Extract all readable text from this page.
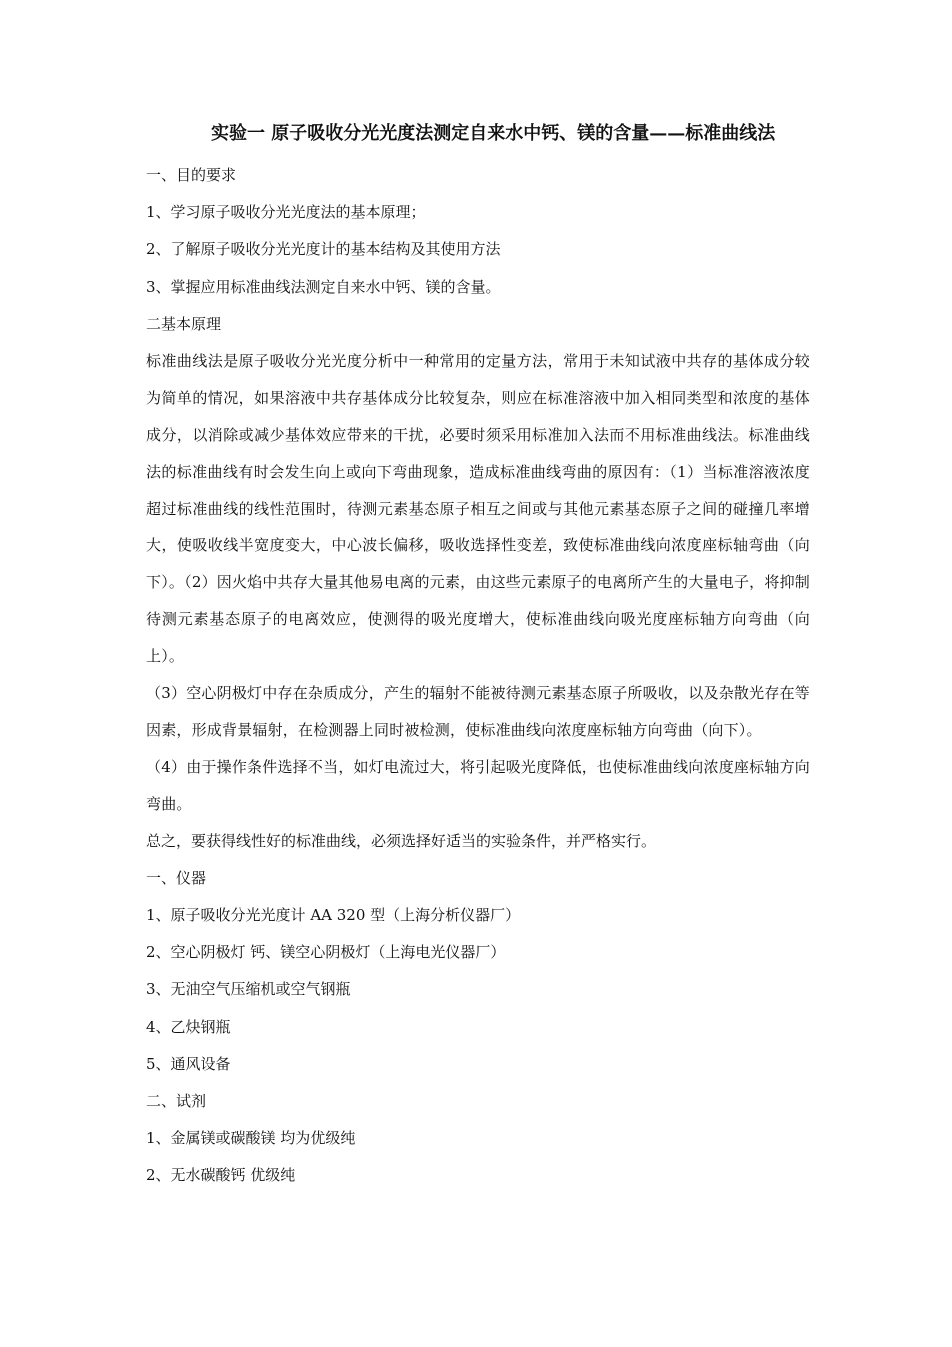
实验一 原子吸收分光光度法测定自来水中钙、镁的含量——标准曲线法
一、目的要求
1、学习原子吸收分光光度法的基本原理；
2、了解原子吸收分光光度计的基本结构及其使用方法
3、掌握应用标准曲线法测定自来水中钙、镁的含量。
二基本原理

标准曲线法是原子吸收分光光度分析中一种常用的定量方法，常用于未知试液中共存的基体成分较为简单的情况，如果溶液中共存基体成分比较复杂，则应在标准溶液中加入相同类型和浓度的基体成分，以消除或减少基体效应带来的干扰，必要时须采用标准加入法而不用标准曲线法。标准曲线法的标准曲线有时会发生向上或向下弯曲现象，造成标准曲线弯曲的原因有：（1）当标准溶液浓度超过标准曲线的线性范围时，待测元素基态原子相互之间或与其他元素基态原子之间的碰撞几率增大，使吸收线半宽度变大，中心波长偏移，吸收选择性变差，致使标准曲线向浓度座标轴弯曲（向下）。（2）因火焰中共存大量其他易电离的元素，由这些元素原子的电离所产生的大量电子，将抑制待测元素基态原子的电离效应，使测得的吸光度增大，使标准曲线向吸光度座标轴方向弯曲（向上）。

（3）空心阴极灯中存在杂质成分，产生的辐射不能被待测元素基态原子所吸收，以及杂散光存在等因素，形成背景辐射，在检测器上同时被检测，使标准曲线向浓度座标轴方向弯曲（向下）。

（4）由于操作条件选择不当，如灯电流过大，将引起吸光度降低，也使标准曲线向浓度座标轴方向弯曲。

总之，要获得线性好的标准曲线，必须选择好适当的实验条件，并严格实行。
一、仪器
1、原子吸收分光光度计 AA 320 型（上海分析仪器厂）
2、空心阴极灯 钙、镁空心阴极灯（上海电光仪器厂）
3、无油空气压缩机或空气钢瓶
4、乙炔钢瓶
5、通风设备
二、试剂
1、金属镁或碳酸镁 均为优级纯
2、无水碳酸钙 优级纯
